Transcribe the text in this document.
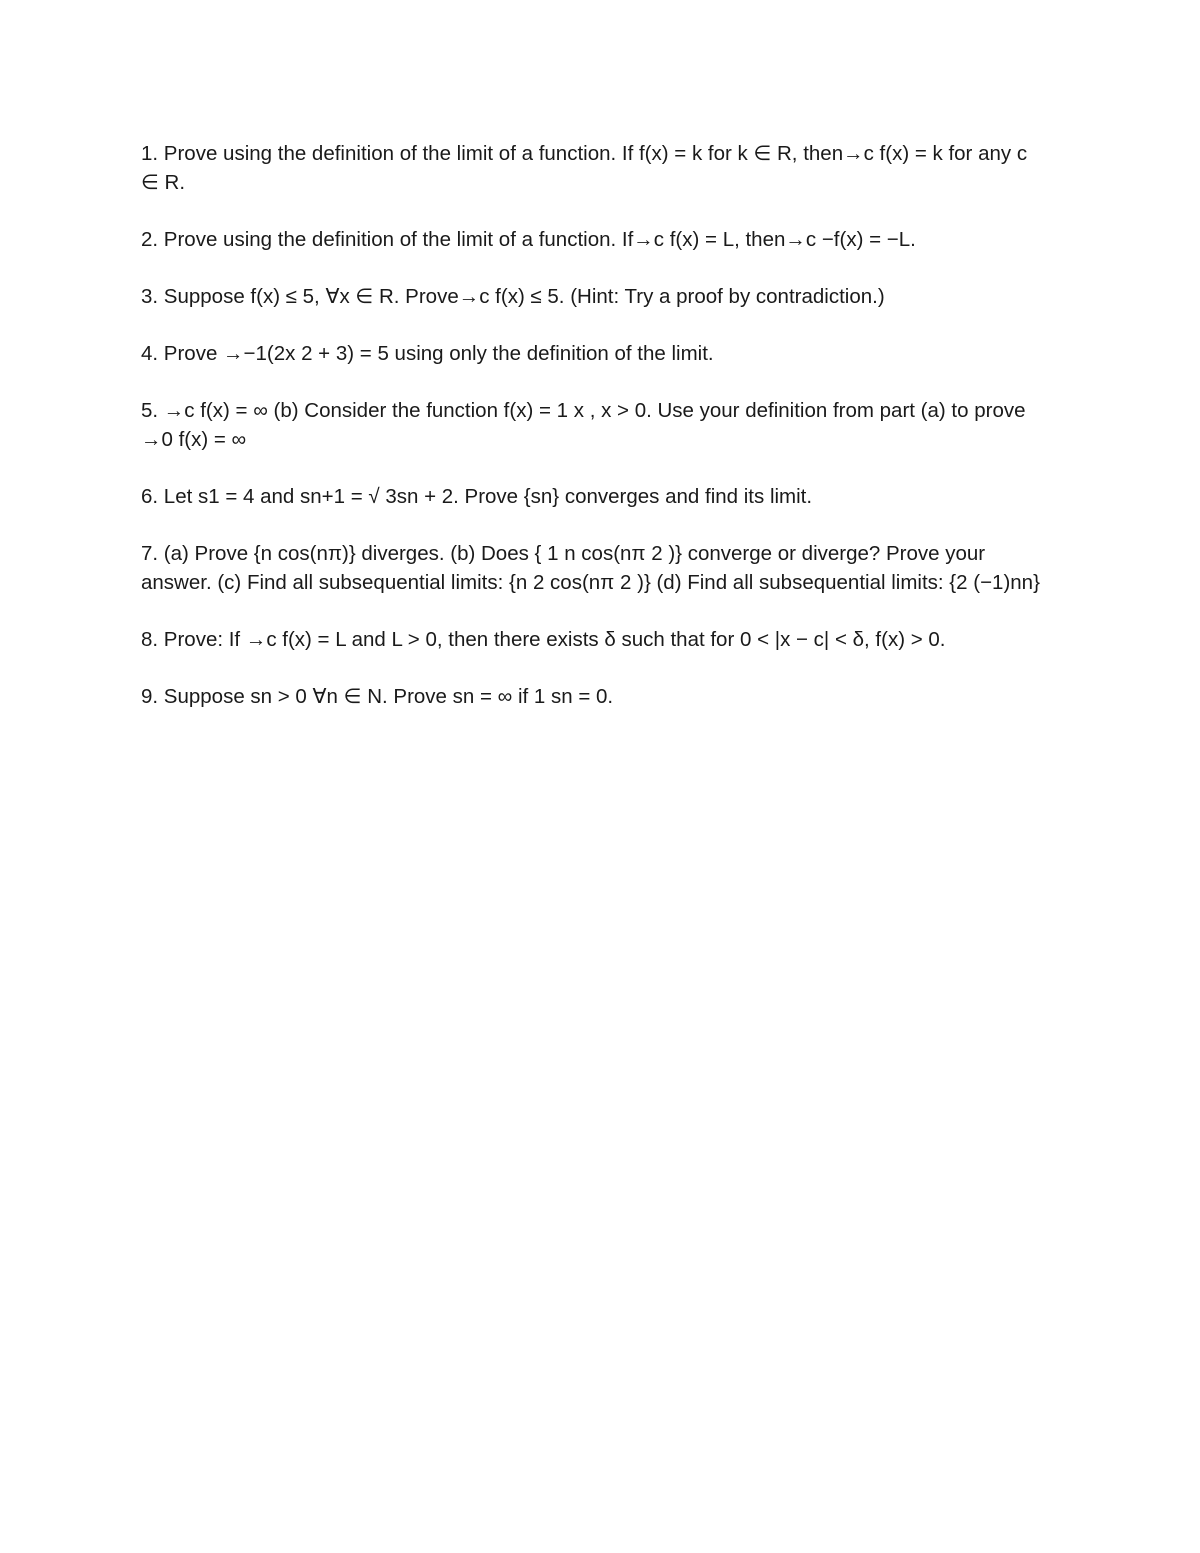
1. Prove using the definition of the limit of a function. If f(x) = k for k ∈ R, then→c f(x) = k for any c ∈ R.

2. Prove using the definition of the limit of a function. If→c f(x) = L, then→c −f(x) = −L.

3. Suppose f(x) ≤ 5, ∀x ∈ R. Prove→c f(x) ≤ 5. (Hint: Try a proof by contradiction.)

4. Prove →−1(2x 2 + 3) = 5 using only the definition of the limit.

5. →c f(x) = ∞ (b) Consider the function f(x) = 1 x , x > 0. Use your definition from part (a) to prove →0 f(x) = ∞

6. Let s1 = 4 and sn+1 = √ 3sn + 2. Prove {sn} converges and find its limit.

7. (a) Prove {n cos(nπ)} diverges. (b) Does { 1 n cos(nπ 2 )} converge or diverge? Prove your answer. (c) Find all subsequential limits: {n 2 cos(nπ 2 )} (d) Find all subsequential limits: {2 (−1)nn}

8. Prove: If →c f(x) = L and L > 0, then there exists δ such that for 0 < |x − c| < δ, f(x) > 0.

9. Suppose sn > 0 ∀n ∈ N. Prove sn = ∞ if 1 sn = 0.
